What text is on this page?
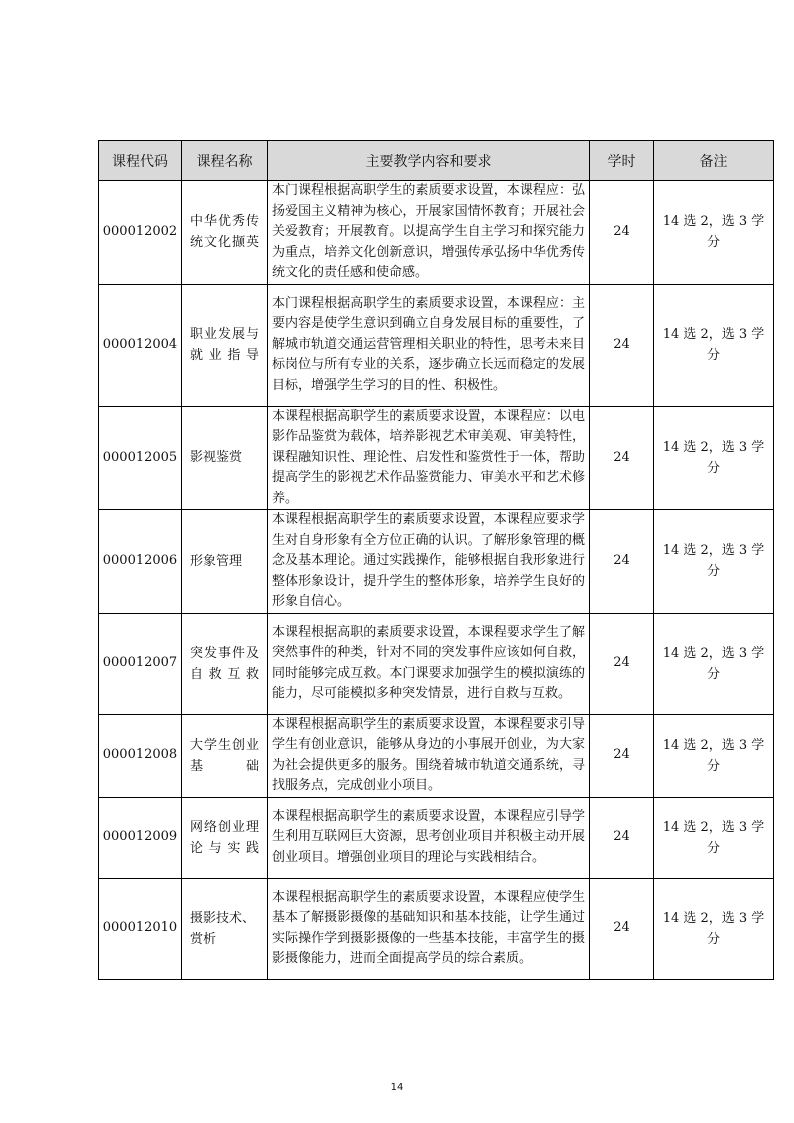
课程代码	课程名称	主要教学内容和要求	学时	备注
000012002	中华优秀传统文化撷英	本门课程根据高职学生的素质要求设置，本课程应：弘扬爱国主义精神为核心，开展家国情怀教育；开展社会关爱教育；开展教育。以提高学生自主学习和探究能力为重点，培养文化创新意识，增强传承弘扬中华优秀传统文化的责任感和使命感。	24	14 选 2，选 3 学分
000012004	职业发展与就业指导	本门课程根据高职学生的素质要求设置，本课程应：主要内容是使学生意识到确立自身发展目标的重要性，了解城市轨道交通运营管理相关职业的特性，思考未来目标岗位与所有专业的关系，逐步确立长远而稳定的发展目标，增强学生学习的目的性、积极性。	24	14 选 2，选 3 学分
000012005	影视鉴赏	本课程根据高职学生的素质要求设置，本课程应：以电影作品鉴赏为载体，培养影视艺术审美观、审美特性，课程融知识性、理论性、启发性和鉴赏性于一体，帮助提高学生的影视艺术作品鉴赏能力、审美水平和艺术修养。	24	14 选 2，选 3 学分
000012006	形象管理	本课程根据高职学生的素质要求设置，本课程应要求学生对自身形象有全方位正确的认识。了解形象管理的概念及基本理论。通过实践操作，能够根据自我形象进行整体形象设计，提升学生的整体形象，培养学生良好的形象自信心。	24	14 选 2，选 3 学分
000012007	突发事件及自救互救	本课程根据高职的素质要求设置，本课程要求学生了解突然事件的种类，针对不同的突发事件应该如何自救，同时能够完成互救。本门课要求加强学生的模拟演练的能力，尽可能模拟多种突发情景，进行自救与互救。	24	14 选 2，选 3 学分
000012008	大学生创业基础	本课程根据高职学生的素质要求设置，本课程要求引导学生有创业意识，能够从身边的小事展开创业，为大家为社会提供更多的服务。围绕着城市轨道交通系统，寻找服务点，完成创业小项目。	24	14 选 2，选 3 学分
000012009	网络创业理论与实践	本课程根据高职学生的素质要求设置，本课程应引导学生利用互联网巨大资源，思考创业项目并积极主动开展创业项目。增强创业项目的理论与实践相结合。	24	14 选 2，选 3 学分
000012010	摄影技术、赏析	本课程根据高职学生的素质要求设置，本课程应使学生基本了解摄影摄像的基础知识和基本技能，让学生通过实际操作学到摄影摄像的一些基本技能，丰富学生的摄影摄像能力，进而全面提高学员的综合素质。	24	14 选 2，选 3 学分
14
